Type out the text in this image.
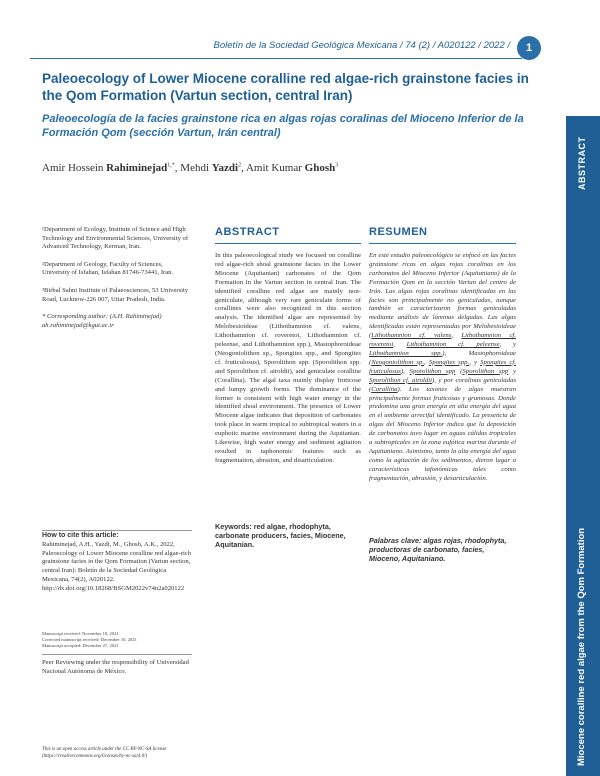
Boletín de la Sociedad Geológica Mexicana / 74 (2) / A020122 / 2022 /	1
ABSTRACT
Miocene coralline red algae from the Qom Formation
Paleoecology of Lower Miocene coralline red algae-rich grainstone facies in the Qom Formation (Vartun section, central Iran)
Paleoecología de la facies grainstone rica en algas rojas coralinas del Mioceno Inferior de la Formación Qom (sección Vartun, Irán central)
Amir Hossein Rahiminejad$^{1,*}$, Mehdi Yazdi$^2$, Amit Kumar Ghosh$^3$

¹Department of Ecology, Institute of Science and High Technology and Environmental Sciences, University of Advanced Technology, Kerman, Iran.

²Department of Geology, Faculty of Sciences, University of Isfahan, Isfahan 81746-73441, Iran.

³Birbal Sahni Institute of Palaeosciences, 53 University Road, Lucknow-226 007, Uttar Pradesh, India.

* Corresponding author: (A.H. Rahiminejad) ah.rahiminejad@kgut.ac.ir

How to cite this article:
Rahiminejad, A.H., Yazdi, M., Ghosh, A.K., 2022, Paleoecology of Lower Miocene coralline red algae-rich grainstone facies in the Qom Formation (Vartun section, central Iran): Boletín de la Sociedad Geológica Mexicana, 74(2), A020122. http://dx.doi.org/10.18268/BSGM2022v74n2a020122
Manuscript received: November 18, 2021
Corrected manuscript received: December 10, 2021
Manuscript accepted: December 27, 2021
Peer Reviewing under the responsibility of Universidad Nacional Autónoma de México.
This is an open access article under the CC BY-NC-SA license (https://creativecommons.org/licenses/by-nc-sa/4.0/)
ABSTRACT
In this paleoecological study we focused on coralline red algae-rich shoal grainstone facies in the Lower Miocene (Aquitanian) carbonates of the Qom Formation in the Vartun section in central Iran. The identified coralline red algae are mainly non-geniculate, although very rare geniculate forms of corallines were also recognized in this section analysis. The identified algae are represented by Melobesioideae (Lithothamnion cf. valens, Lithothamnion cf. roveretoi, Lithothamnion cf. peleense, and Lithothamnion spp.), Mastophoroideae (Neogoniolithon sp., Spongites spp., and Spongites cf. fruticulosus), Sporolithon spp. (Sporolithon spp. and Sporolithon cf. airoldii), and geniculate coralline (Corallina). The algal taxa mainly display fruticose and lumpy growth forms. The dominance of the former is consistent with high water energy in the identified shoal environment. The presence of Lower Miocene algae indicates that deposition of carbonates took place in warm tropical to subtropical waters in a euphotic marine environment during the Aquitanian. Likewise, high water energy and sediment agitation resulted in taphonomic features such as fragmentation, abrasion, and disarticulation.
Keywords: red algae, rhodophyta, carbonate producers, facies, Miocene, Aquitanian.
RESUMEN
En este estudio paleoecológico se enfocó en las facies grainstone ricas en algas rojas coralinas en los carbonatos del Mioceno Inferior (Aquitaniano) de la Formación Qom en la sección Vartun del centro de Irán. Las algas rojas coralinas identificadas en las facies son principalmente no geniculadas, aunque también se caracterizaron formas geniculadas mediante análisis de láminas delgadas. Las algas identificadas están representadas por Melobesioideae (Lithothamnion cf. valens, Lithothamnion cf. roveretoi, Lithothamnion cf. peleense, y Lithothamnion spp.), Mastophoroideae (Neogoniolithon sp., Spongites spp., y Spongites cf. fruticulosus), Sporolithon spp (Sporolithon spp y Sporolithon cf. airoldii), y por coralinas geniculadas (Corallina). Los taxones de algas muestran principalmente formas fruticosas y grumosas. Donde predomina una gran energía en alta energía del agua en el ambiente arrecifal identificado. La presencia de algas del Mioceno Inferior indica que la deposición de carbonatos tuvo lugar en aguas cálidas tropicales a subtropicales en la zona eufótica marina durante el Aquitaniano. Asimismo, tanto la alta energía del agua como la agitación de los sedimentos, dieron lugar a características tafonómicas tales como fragmentación, abrasión, y desarticulación.
Palabras clave: algas rojas, rhodophyta, productoras de carbonato, facies, Mioceno, Aquitaniano.
